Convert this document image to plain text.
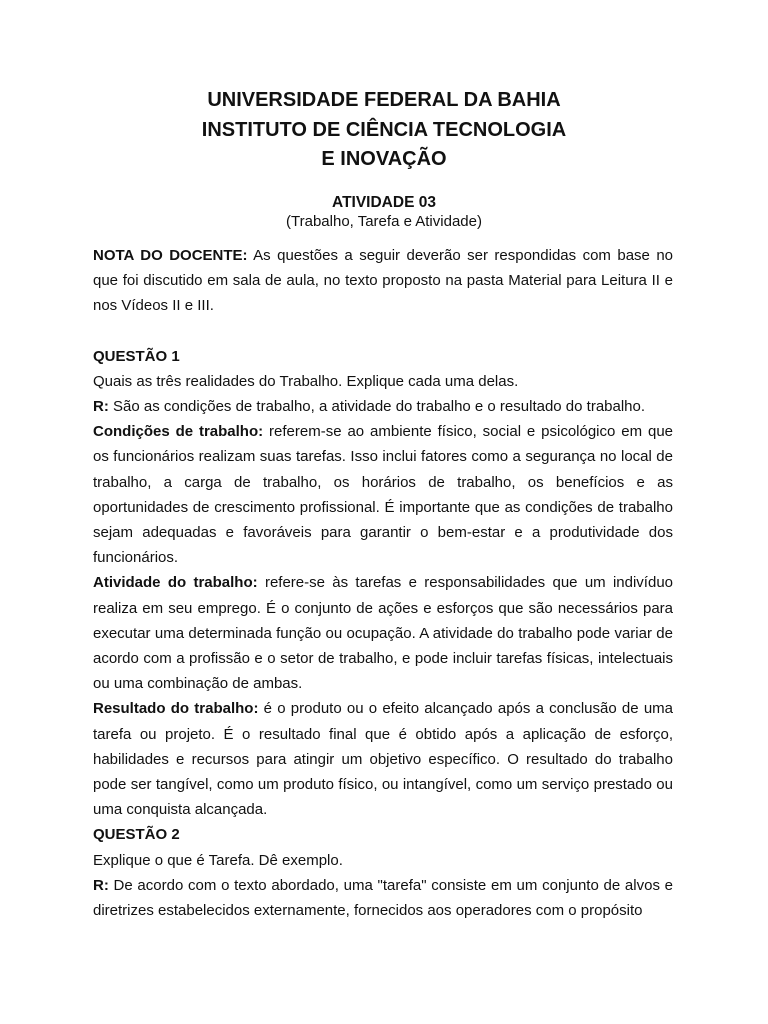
UNIVERSIDADE FEDERAL DA BAHIA
INSTITUTO DE CIÊNCIA TECNOLOGIA
E INOVAÇÃO
ATIVIDADE 03
(Trabalho, Tarefa e Atividade)

NOTA DO DOCENTE: As questões a seguir deverão ser respondidas com base no que foi discutido em sala de aula, no texto proposto na pasta Material para Leitura II e nos Vídeos II e III.

QUESTÃO 1

Quais as três realidades do Trabalho. Explique cada uma delas.

R: São as condições de trabalho, a atividade do trabalho e o resultado do trabalho.

Condições de trabalho: referem-se ao ambiente físico, social e psicológico em que os funcionários realizam suas tarefas. Isso inclui fatores como a segurança no local de trabalho, a carga de trabalho, os horários de trabalho, os benefícios e as oportunidades de crescimento profissional. É importante que as condições de trabalho sejam adequadas e favoráveis para garantir o bem-estar e a produtividade dos funcionários.

Atividade do trabalho: refere-se às tarefas e responsabilidades que um indivíduo realiza em seu emprego. É o conjunto de ações e esforços que são necessários para executar uma determinada função ou ocupação. A atividade do trabalho pode variar de acordo com a profissão e o setor de trabalho, e pode incluir tarefas físicas, intelectuais ou uma combinação de ambas.

Resultado do trabalho: é o produto ou o efeito alcançado após a conclusão de uma tarefa ou projeto. É o resultado final que é obtido após a aplicação de esforço, habilidades e recursos para atingir um objetivo específico. O resultado do trabalho pode ser tangível, como um produto físico, ou intangível, como um serviço prestado ou uma conquista alcançada.

QUESTÃO 2

Explique o que é Tarefa. Dê exemplo.

R: De acordo com o texto abordado, uma "tarefa" consiste em um conjunto de alvos e diretrizes estabelecidos externamente, fornecidos aos operadores com o propósito
